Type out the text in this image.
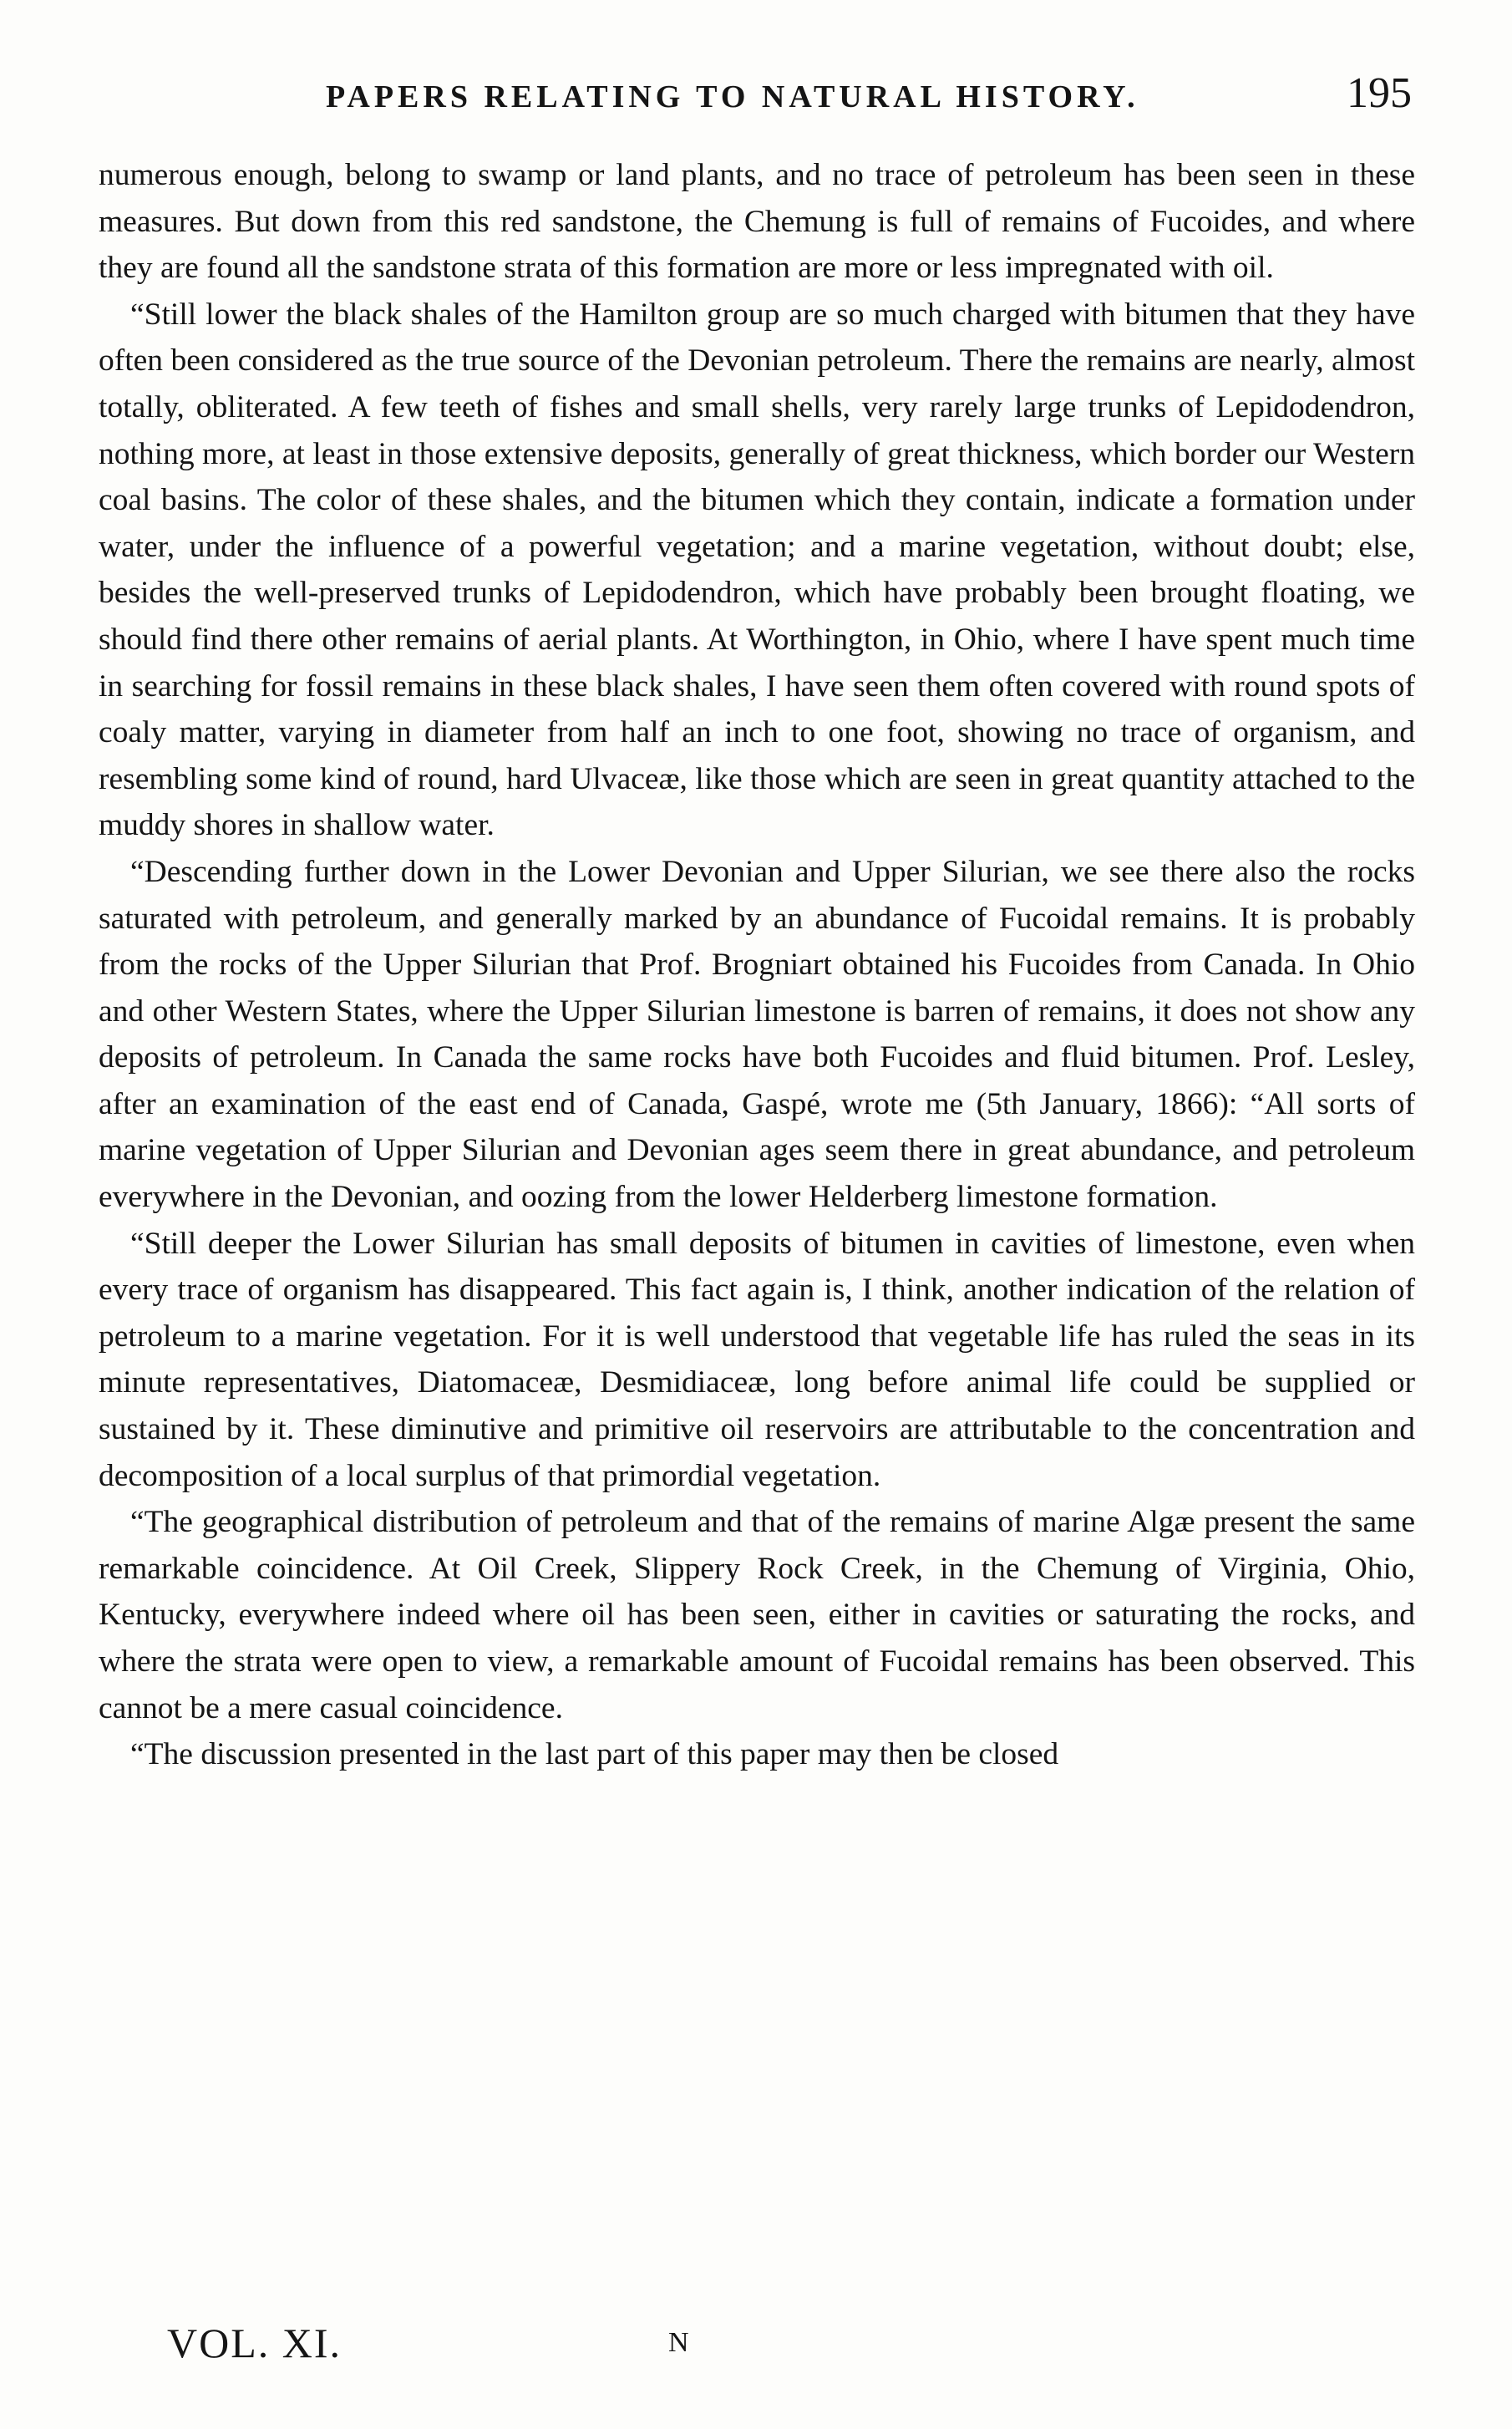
PAPERS RELATING TO NATURAL HISTORY.	195

numerous enough, belong to swamp or land plants, and no trace of petroleum has been seen in these measures. But down from this red sandstone, the Chemung is full of remains of Fucoides, and where they are found all the sandstone strata of this formation are more or less impregnated with oil.

“Still lower the black shales of the Hamilton group are so much charged with bitumen that they have often been considered as the true source of the Devonian petroleum. There the remains are nearly, almost totally, obliterated. A few teeth of fishes and small shells, very rarely large trunks of Lepidodendron, nothing more, at least in those extensive deposits, generally of great thickness, which border our Western coal basins. The color of these shales, and the bitumen which they contain, indicate a formation under water, under the influence of a powerful vegetation; and a marine vegetation, without doubt; else, besides the well-preserved trunks of Lepidodendron, which have probably been brought floating, we should find there other remains of aerial plants. At Worthington, in Ohio, where I have spent much time in searching for fossil remains in these black shales, I have seen them often covered with round spots of coaly matter, varying in diameter from half an inch to one foot, showing no trace of organism, and resembling some kind of round, hard Ulvaceæ, like those which are seen in great quantity attached to the muddy shores in shallow water.

“Descending further down in the Lower Devonian and Upper Silurian, we see there also the rocks saturated with petroleum, and generally marked by an abundance of Fucoidal remains. It is probably from the rocks of the Upper Silurian that Prof. Brogniart obtained his Fucoides from Canada. In Ohio and other Western States, where the Upper Silurian limestone is barren of remains, it does not show any deposits of petroleum. In Canada the same rocks have both Fucoides and fluid bitumen. Prof. Lesley, after an examination of the east end of Canada, Gaspé, wrote me (5th January, 1866): “All sorts of marine vegetation of Upper Silurian and Devonian ages seem there in great abundance, and petroleum everywhere in the Devonian, and oozing from the lower Helderberg limestone formation.

“Still deeper the Lower Silurian has small deposits of bitumen in cavities of limestone, even when every trace of organism has disappeared. This fact again is, I think, another indication of the relation of petroleum to a marine vegetation. For it is well understood that vegetable life has ruled the seas in its minute representatives, Diatomaceæ, Desmidiaceæ, long before animal life could be supplied or sustained by it. These diminutive and primitive oil reservoirs are attributable to the concentration and decomposition of a local surplus of that primordial vegetation.

“The geographical distribution of petroleum and that of the remains of marine Algæ present the same remarkable coincidence. At Oil Creek, Slippery Rock Creek, in the Chemung of Virginia, Ohio, Kentucky, everywhere indeed where oil has been seen, either in cavities or saturating the rocks, and where the strata were open to view, a remarkable amount of Fucoidal remains has been observed. This cannot be a mere casual coincidence.

“The discussion presented in the last part of this paper may then be closed

VOL. XI.	N
